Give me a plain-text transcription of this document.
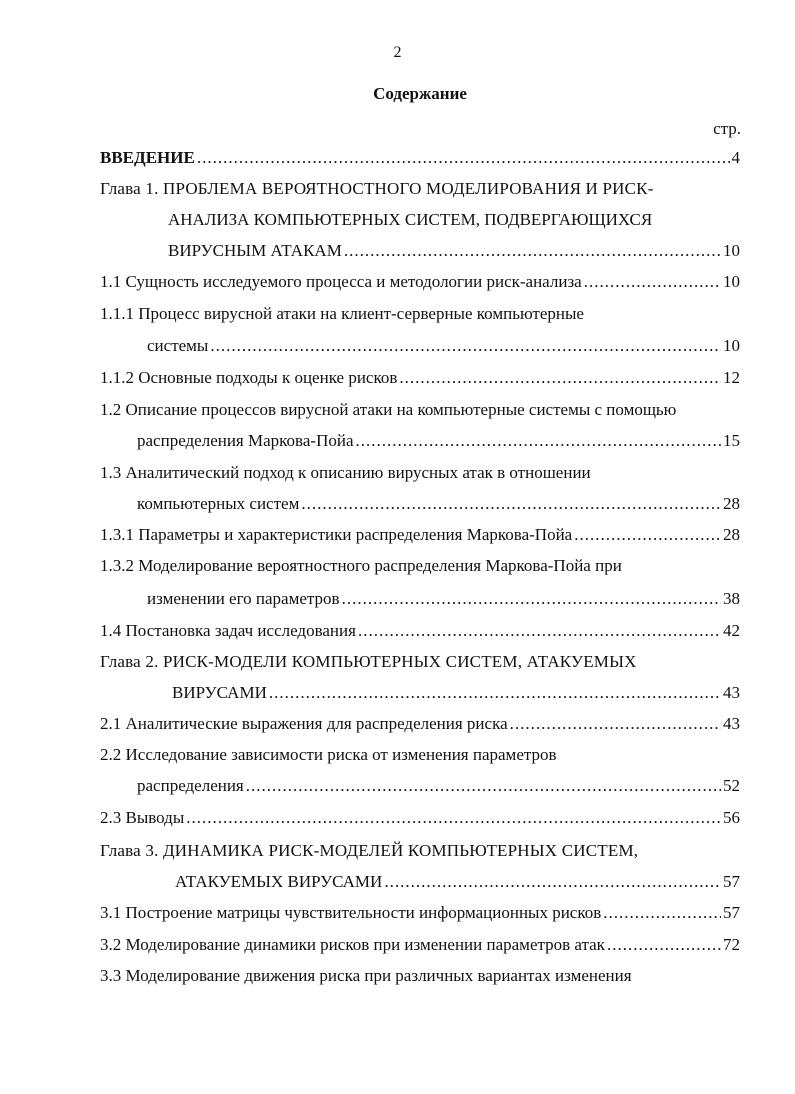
2
Содержание
стр.
ВВЕДЕНИЕ .....	4
Глава 1. ПРОБЛЕМА ВЕРОЯТНОСТНОГО МОДЕЛИРОВАНИЯ И РИСК-
АНАЛИЗА КОМПЬЮТЕРНЫХ СИСТЕМ, ПОДВЕРГАЮЩИХСЯ
ВИРУСНЫМ АТАКАМ .....	10
1.1 Сущность исследуемого процесса и методологии риск-анализа .....	10
1.1.1 Процесс вирусной атаки на клиент-серверные компьютерные
системы .....	10
1.1.2 Основные подходы к оценке рисков .....	12
1.2 Описание процессов вирусной атаки на компьютерные системы с помощью
распределения Маркова-Пойа .....	15
1.3 Аналитический подход к описанию вирусных атак в отношении
компьютерных систем .....	28
1.3.1 Параметры и характеристики распределения Маркова-Пойа .....	28
1.3.2 Моделирование вероятностного распределения Маркова-Пойа при
изменении его параметров .....	38
1.4 Постановка задач исследования .....	42
Глава 2. РИСК-МОДЕЛИ КОМПЬЮТЕРНЫХ СИСТЕМ, АТАКУЕМЫХ
ВИРУСАМИ .....	43
2.1 Аналитические выражения для распределения риска .....	43
2.2 Исследование зависимости риска от изменения параметров
распределения .....	52
2.3 Выводы .....	56
Глава 3. ДИНАМИКА РИСК-МОДЕЛЕЙ КОМПЬЮТЕРНЫХ СИСТЕМ,
АТАКУЕМЫХ ВИРУСАМИ .....	57
3.1 Построение матрицы чувствительности информационных рисков .....	57
3.2 Моделирование динамики рисков при изменении параметров атак .....	72
3.3 Моделирование движения риска при различных вариантах изменения
